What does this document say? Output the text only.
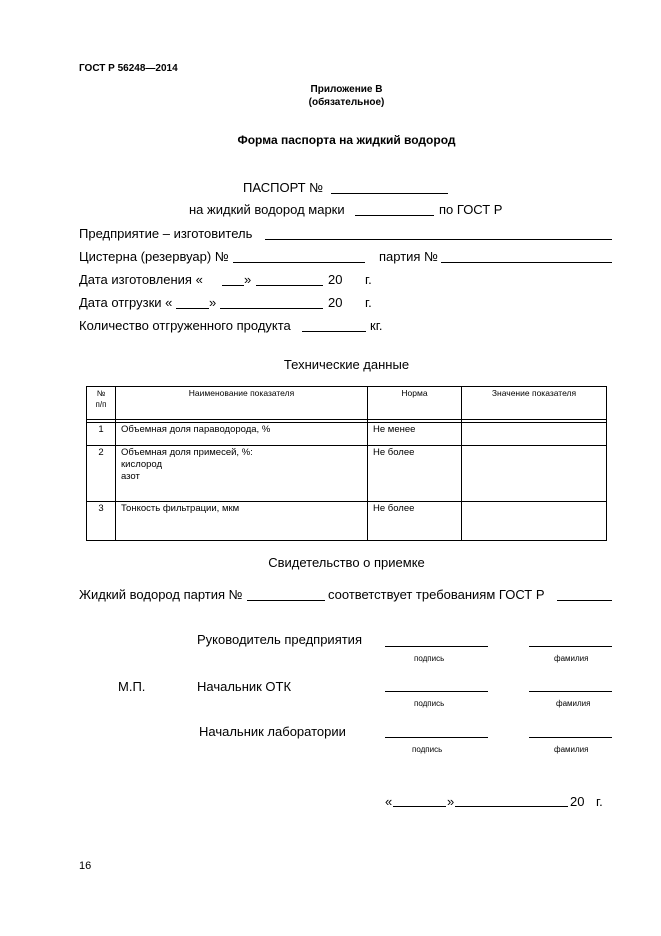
ГОСТ Р 56248—2014
Приложение В
(обязательное)
Форма паспорта на жидкий водород
ПАСПОРТ №
на жидкий водород марки	по ГОСТ Р
Предприятие – изготовитель
Цистерна (резервуар) №	партия №
Дата изготовления «	»	20 г.
Дата отгрузки «	»	20 г.
Количество отгруженного продукта	кг.
Технические данные
№
п/п	Наименование показателя	Норма	Значение показателя

1	Объемная доля параводорода, %	Не менее	
2	Объемная доля примесей, %:
кислород
азот	Не более	
3	Тонкость фильтрации, мкм	Не более	
Свидетельство о приемке
Жидкий водород партия №	соответствует требованиям ГОСТ Р
Руководитель предприятия
подпись	фамилия
М.П.	Начальник ОТК
подпись	фамилия
Начальник лаборатории
подпись	фамилия
«	»	20 г.
16
